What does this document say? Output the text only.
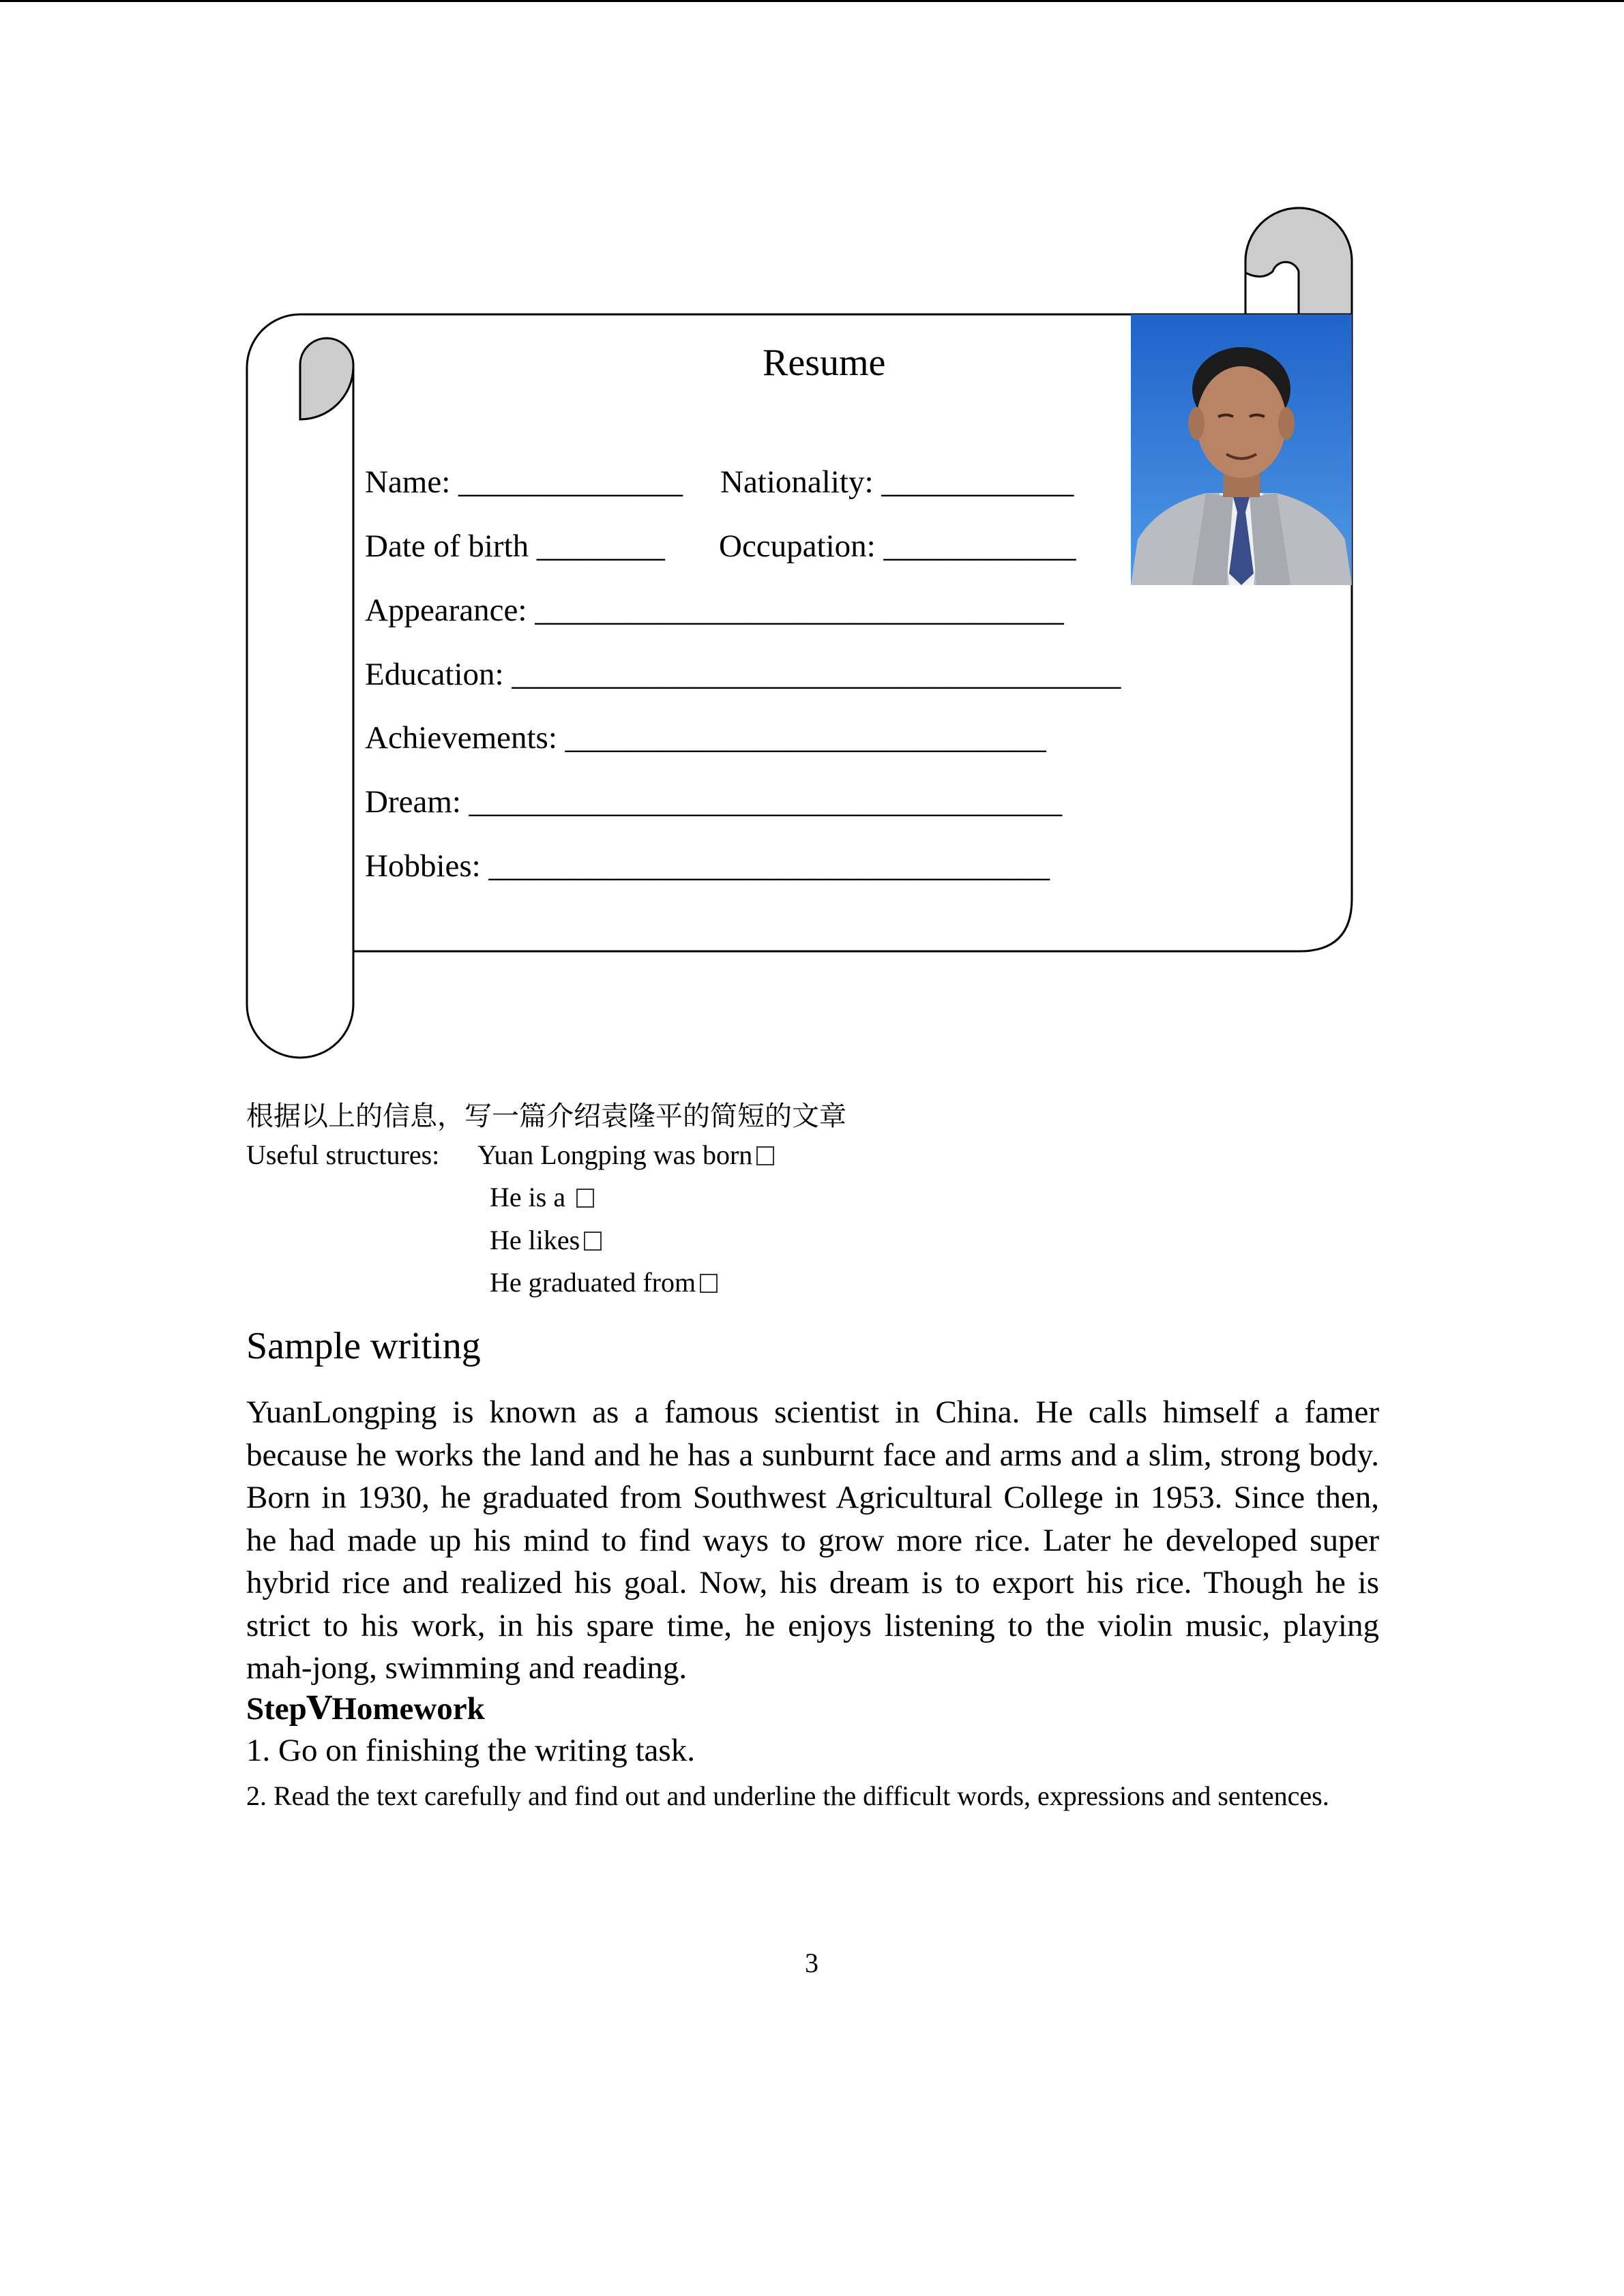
Resume
Name: ______________ Nationality: ____________
Date of birth ________ Occupation: ____________
Appearance: _________________________________
Education: ______________________________________
Achievements: ______________________________
Dream: _____________________________________
Hobbies: ___________________________________
根据以上的信息，写一篇介绍袁隆平的简短的文章
Useful structures: Yuan Longping was born
He is a
He likes
He graduated from
Sample writing

YuanLongping is known as a famous scientist in China. He calls himself a famer because he works the land and he has a sunburnt face and arms and a slim, strong body. Born in 1930, he graduated from Southwest Agricultural College in 1953. Since then, he had made up his mind to find ways to grow more rice. Later he developed super hybrid rice and realized his goal. Now, his dream is to export his rice. Though he is strict to his work, in his spare time, he enjoys listening to the violin music, playing mah-jong, swimming and reading.

StepⅤHomework
1. Go on finishing the writing task.

2. Read the text carefully and find out and underline the difficult words, expressions and sentences.

3
